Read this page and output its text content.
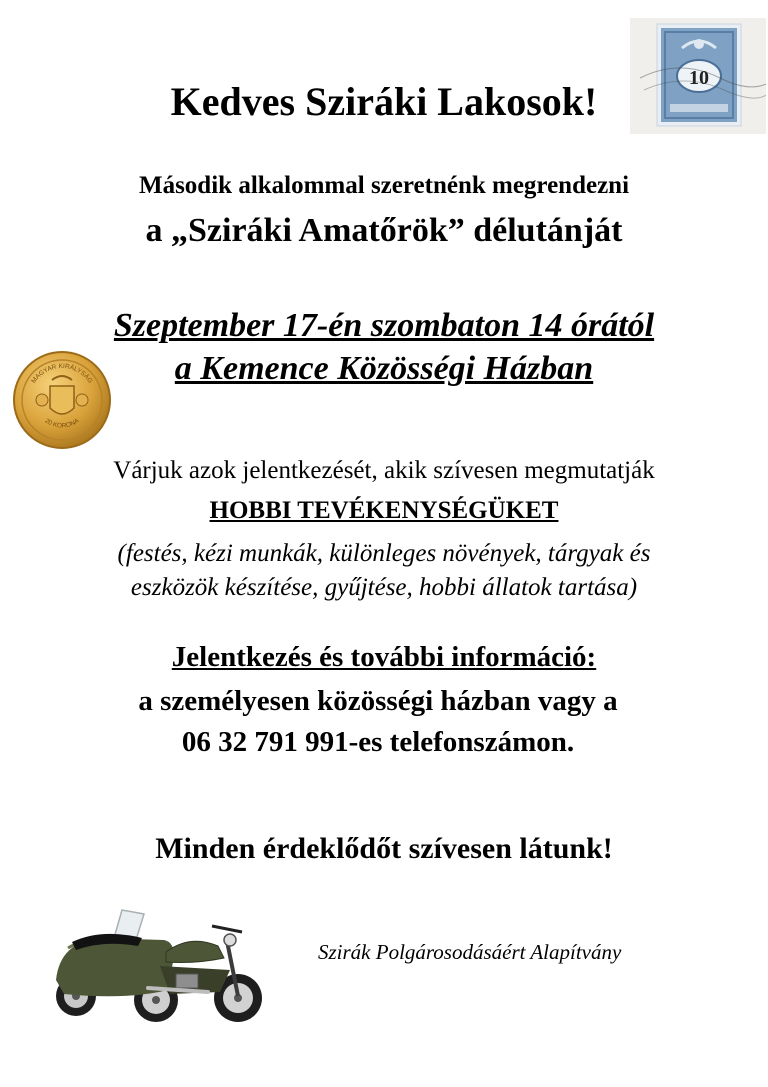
Kedves Sziráki Lakosok!
Második alkalommal szeretnénk megrendezni
a „Sziráki Amatőrök” délutánját
Szeptember 17-én szombaton 14 órától
a Kemence Közösségi Házban
Várjuk azok jelentkezését, akik szívesen megmutatják
HOBBI TEVÉKENYSÉGÜKET
(festés, kézi munkák, különleges növények, tárgyak és
eszközök készítése, gyűjtése, hobbi állatok tartása)
Jelentkezés és további információ:
a személyesen közösségi házban vagy a
06 32 791 991-es telefonszámon.
Minden érdeklődőt szívesen látunk!
Szirák Polgárosodásáért Alapítvány
10
MAGYAR KIRÁLYSÁG
20 KORONA
